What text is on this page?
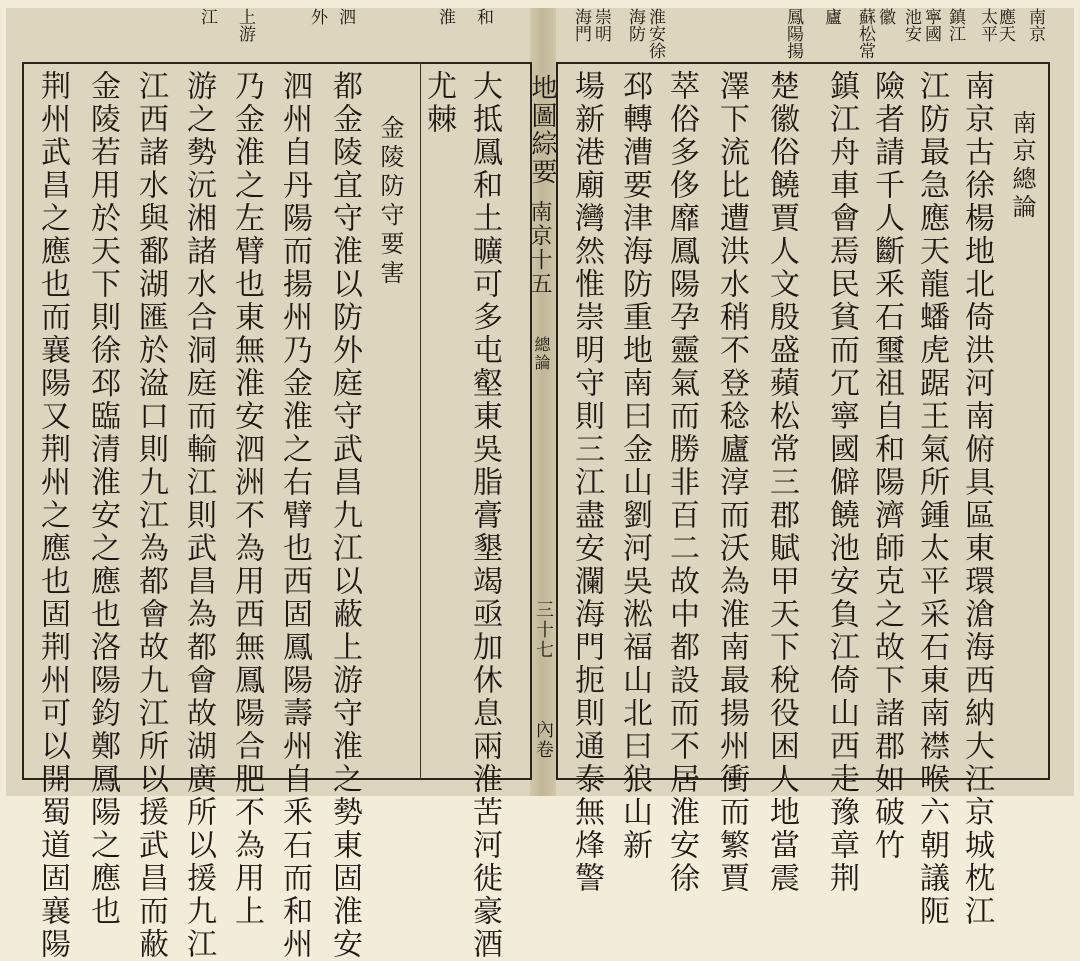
南京總論
南京古徐楊地北倚洪河南俯具區東環滄海西納大江京城枕江
江防最急應天龍蟠虎踞王氣所鍾太平采石東南襟喉六朝議阨
險者請千人斷釆石璽祖自和陽濟師克之故下諸郡如破竹
鎮江舟車會焉民貧而冗寧國僻饒池安負江倚山西走豫章荆
楚徽俗饒賈人文殷盛蘋松常三郡賦甲天下稅役困人地當震
澤下流比遭洪水稍不登稔廬淳而沃為淮南最揚州衝而繁賈
萃俗多侈靡鳳陽孕靈氣而勝非百二故中都設而不居淮安徐
邳轉漕要津海防重地南曰金山劉河吳淞福山北曰狼山新
場新港廟灣然惟崇明守則三江盡安瀾海門扼則通泰無烽警
南京
應天
太平
鎮江
寧國
池安
徽
蘇松常
廬
鳳陽揚
淮安徐
海防
崇明
海門
地圖綜要
南京十五
總論
三十七
內卷
大抵鳳和土曠可多屯壑東吳脂膏墾竭亟加休息兩淮苦河徙豪酒
尤棘
金陵防守要害
都金陵宜守淮以防外庭守武昌九江以蔽上游守淮之勢東固淮安
泗州自丹陽而揚州乃金淮之右臂也西固鳳陽壽州自釆石而和州
乃金淮之左臂也東無淮安泗洲不為用西無鳳陽合肥不為用上
游之勢沅湘諸水合洞庭而輸江則武昌為都會故湖廣所以援九江
江西諸水與鄱湖匯於湓口則九江為都會故九江所以援武昌而蔽
金陵若用於天下則徐邳臨清淮安之應也洛陽鈞鄭鳳陽之應也
荆州武昌之應也而襄陽又荆州之應也固荆州可以開蜀道固襄陽
和
淮
泗
外
上游
江
